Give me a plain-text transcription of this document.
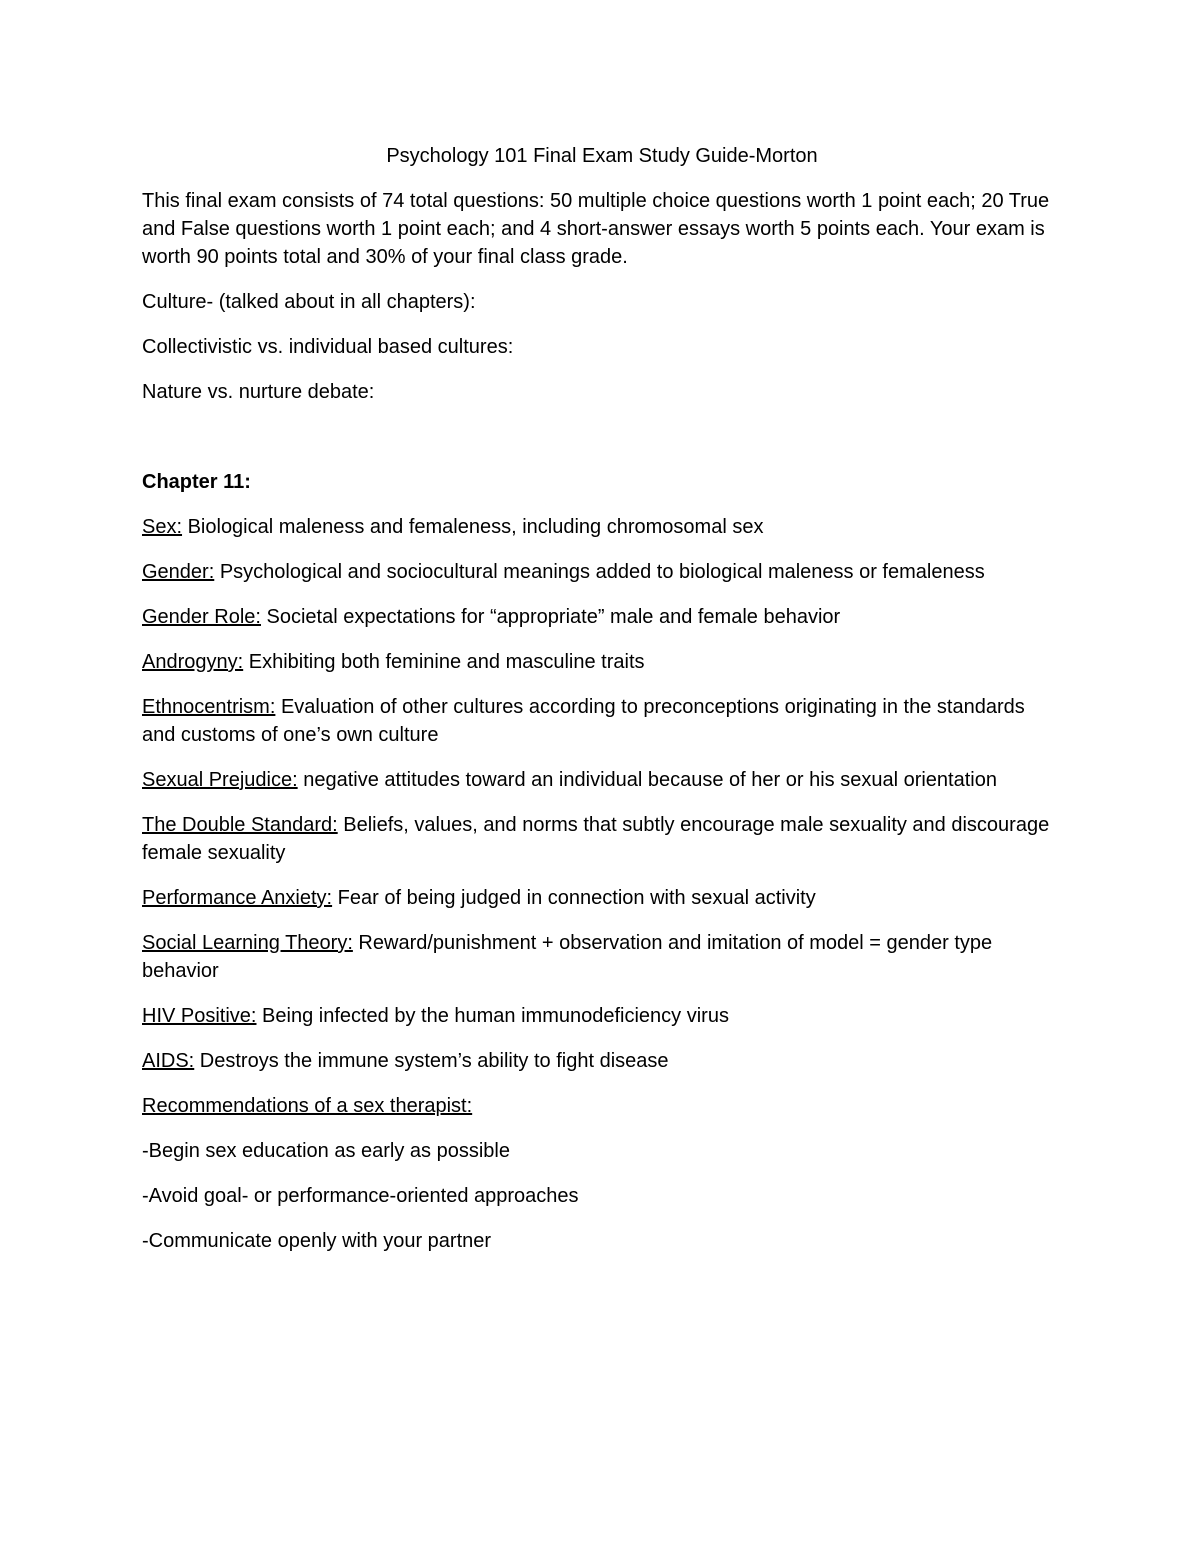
Psychology 101 Final Exam Study Guide-Morton
This final exam consists of 74 total questions: 50 multiple choice questions worth 1 point each; 20 True and False questions worth 1 point each; and 4 short-answer essays worth 5 points each. Your exam is worth 90 points total and 30% of your final class grade.
Culture- (talked about in all chapters):
Collectivistic vs. individual based cultures:
Nature vs. nurture debate:
Chapter 11:
Sex: Biological maleness and femaleness, including chromosomal sex
Gender: Psychological and sociocultural meanings added to biological maleness or femaleness
Gender Role: Societal expectations for “appropriate” male and female behavior
Androgyny: Exhibiting both feminine and masculine traits
Ethnocentrism: Evaluation of other cultures according to preconceptions originating in the standards and customs of one’s own culture
Sexual Prejudice: negative attitudes toward an individual because of her or his sexual orientation
The Double Standard: Beliefs, values, and norms that subtly encourage male sexuality and discourage female sexuality
Performance Anxiety: Fear of being judged in connection with sexual activity
Social Learning Theory: Reward/punishment + observation and imitation of model = gender type behavior
HIV Positive: Being infected by the human immunodeficiency virus
AIDS: Destroys the immune system’s ability to fight disease
Recommendations of a sex therapist:
-Begin sex education as early as possible
-Avoid goal- or performance-oriented approaches
-Communicate openly with your partner
